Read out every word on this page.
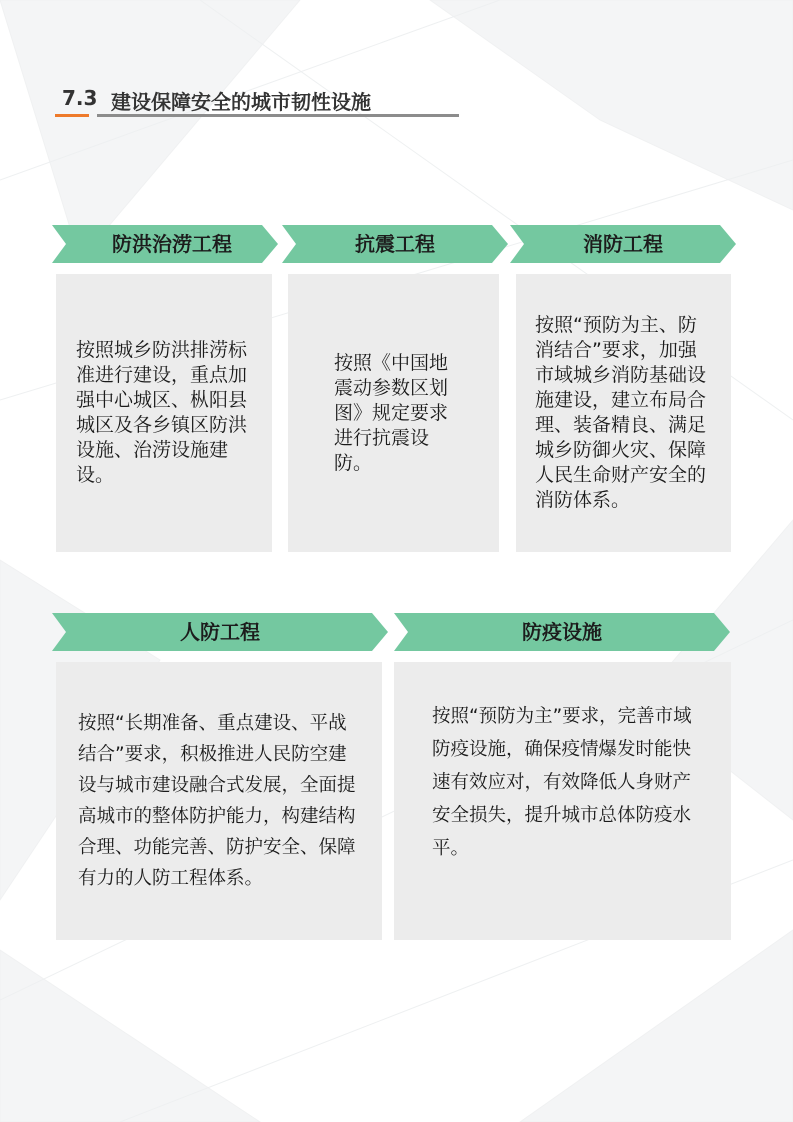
7.3 建设保障安全的城市韧性设施
防洪治涝工程	抗震工程	消防工程
按照城乡防洪排涝标准进行建设，重点加强中心城区、枞阳县城区及各乡镇区防洪设施、治涝设施建设。
按照《中国地震动参数区划图》规定要求进行抗震设防。
按照“预防为主、防消结合”要求，加强市域城乡消防基础设施建设，建立布局合理、装备精良、满足城乡防御火灾、保障人民生命财产安全的消防体系。
人防工程	防疫设施
按照“长期准备、重点建设、平战结合”要求，积极推进人民防空建设与城市建设融合式发展，全面提高城市的整体防护能力，构建结构合理、功能完善、防护安全、保障有力的人防工程体系。
按照“预防为主”要求，完善市域防疫设施，确保疫情爆发时能快速有效应对，有效降低人身财产安全损失，提升城市总体防疫水平。
